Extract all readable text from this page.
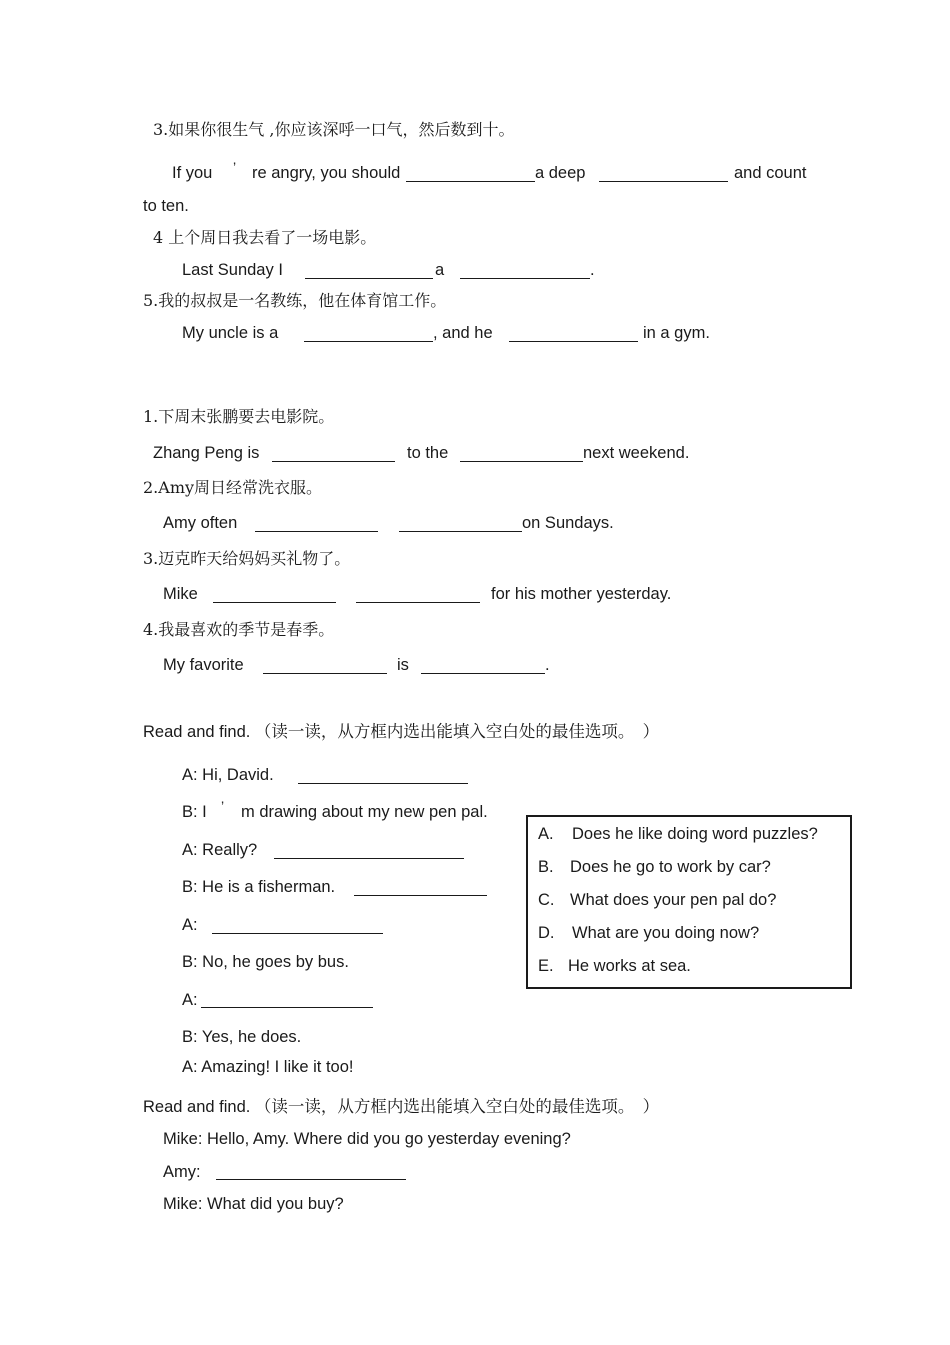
3.如果你很生气 ,你应该深呼一口气，然后数到十。
If you ’ re angry, you should	a deep	and count
to ten.
4 上个周日我去看了一场电影。
Last Sunday I	a	.
5.我的叔叔是一名教练，他在体育馆工作。
My uncle is a	, and he	in a gym.
1.下周末张鹏要去电影院。
Zhang Peng is	to the	next weekend.
2.Amy周日经常洗衣服。
Amy often	on Sundays.
3.迈克昨天给妈妈买礼物了。
Mike	for his mother yesterday.
4.我最喜欢的季节是春季。
My favorite	is	.
Read and find. （读一读，从方框内选出能填入空白处的最佳选项。　）
A: Hi, David.
B: I ’ m drawing about my new pen pal.
A: Really?
B: He is a fisherman.
A:
B: No, he goes by bus.
A:
B: Yes, he does.
A: Amazing! I like it too!
A. Does he like doing word puzzles?
B. Does he go to work by car?
C. What does your pen pal do?
D. What are you doing now?
E. He works at sea.
Read and find. （读一读，从方框内选出能填入空白处的最佳选项。　）
Mike: Hello, Amy. Where did you go yesterday evening?
Amy:
Mike: What did you buy?
